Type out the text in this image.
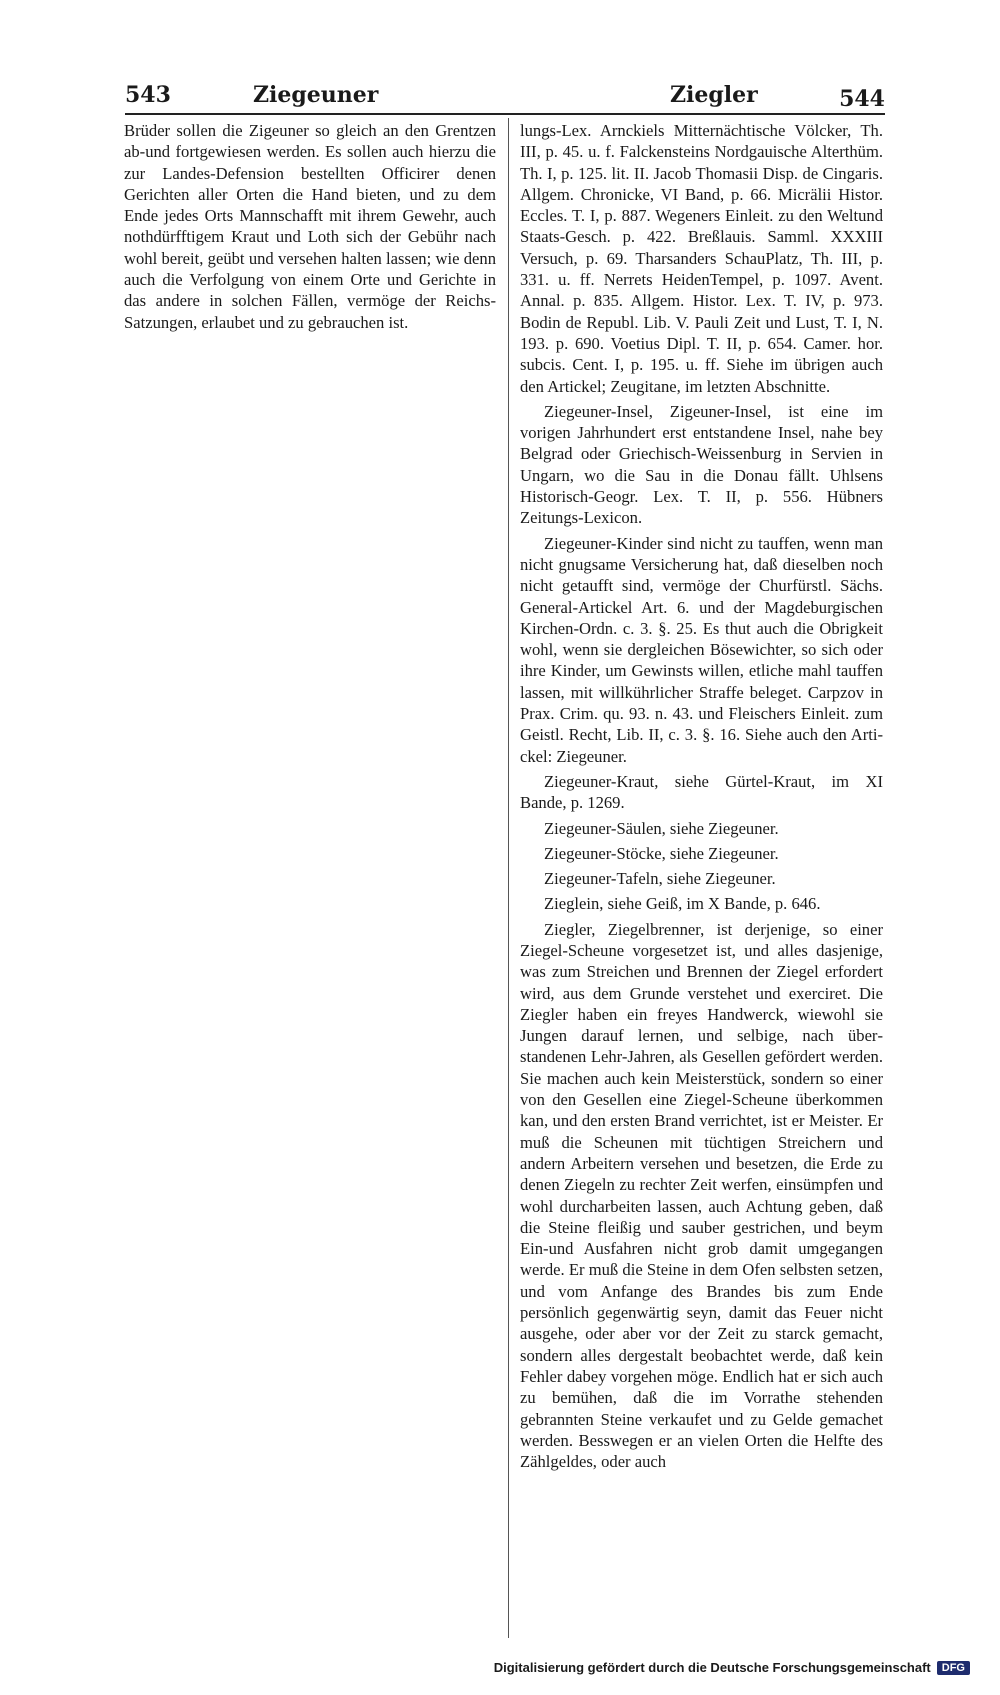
543	Ziegeuner	Ziegler	544

Brüder sollen die Zigeuner so gleich an den Grentzen ab-und fortgewiesen werden. Es sollen auch hierzu die zur Landes-Defension bestellten Officirer denen Gerichten aller Orten die Hand bieten, und zu dem Ende jedes Orts Mannschafft mit ihrem Gewehr, auch nothdürfftigem Kraut und Loth sich der Gebühr nach wohl bereit, geübt und versehen halten lassen; wie denn auch die Verfolgung von einem Orte und Gerichte in das andere in solchen Fällen, vermöge der Reichs-Satzungen, erlaubet und zu gebrauchen ist.

lungs-Lex. Arnckiels Mitternächtische Völcker, Th. III, p. 45. u. f. Falckensteins Nordgauische Alterthüm. Th. I, p. 125. lit. II. Jacob Thomasii Disp. de Cingaris. Allgem. Chronicke, VI Band, p. 66. Micrälii Histor. Eccles. T. I, p. 887. Wegeners Einleit. zu den Weltund Staats-Gesch. p. 422. Breßlauis. Samml. XXXIII Versuch, p. 69. Tharsanders SchauPlatz, Th. III, p. 331. u. ff. Nerrets HeidenTempel, p. 1097. Avent. Annal. p. 835. Allgem. Histor. Lex. T. IV, p. 973. Bodin de Republ. Lib. V. Pauli Zeit und Lust, T. I, N. 193. p. 690. Voetius Dipl. T. II, p. 654. Camer. hor. subcis. Cent. I, p. 195. u. ff. Siehe im übrigen auch den Artickel; Zeugitane, im letzten Abschnitte.

Ziegeuner-Insel, Zigeuner-Insel, ist eine im vorigen Jahrhundert erst entstandene Insel, nahe bey Belgrad oder Griechisch-Weissenburg in Servien in Ungarn, wo die Sau in die Donau fällt. Uhlsens Historisch-Geogr. Lex. T. II, p. 556. Hübners Zeitungs-Lexicon.

Ziegeuner-Kinder sind nicht zu tauffen, wenn man nicht gnugsame Versicherung hat, daß dieselben noch nicht getaufft sind, vermöge der Churfürstl. Sächs. General-Artickel Art. 6. und der Magdeburgischen Kirchen-Ordn. c. 3. §. 25. Es thut auch die Obrigkeit wohl, wenn sie dergleichen Bösewichter, so sich oder ihre Kinder, um Gewinsts willen, etliche mahl tauffen lassen, mit willkührlicher Straffe beleget. Carpzov in Prax. Crim. qu. 93. n. 43. und Fleischers Einleit. zum Geistl. Recht, Lib. II, c. 3. §. 16. Siehe auch den Artickel: Ziegeuner.

Ziegeuner-Kraut, siehe Gürtel-Kraut, im XI Bande, p. 1269.

Ziegeuner-Säulen, siehe Ziegeuner.

Ziegeuner-Stöcke, siehe Ziegeuner.

Ziegeuner-Tafeln, siehe Ziegeuner.

Zieglein, siehe Geiß, im X Bande, p. 646.

Ziegler, Ziegelbrenner, ist derjenige, so einer Ziegel-Scheune vorgesetzet ist, und alles dasjenige, was zum Streichen und Brennen der Ziegel erfordert wird, aus dem Grunde verstehet und exerciret. Die Ziegler haben ein freyes Handwerck, wiewohl sie Jungen darauf lernen, und selbige, nach überstandenen Lehr-Jahren, als Gesellen gefördert werden. Sie machen auch kein Meisterstück, sondern so einer von den Gesellen eine Ziegel-Scheune überkommen kan, und den ersten Brand verrichtet, ist er Meister. Er muß die Scheunen mit tüchtigen Streichern und andern Arbeitern versehen und besetzen, die Erde zu denen Ziegeln zu rechter Zeit werfen, einsümpfen und wohl durcharbeiten lassen, auch Achtung geben, daß die Steine fleißig und sauber gestrichen, und beym Ein-und Ausfahren nicht grob damit umgegangen werde. Er muß die Steine in dem Ofen selbsten setzen, und vom Anfange des Brandes bis zum Ende persönlich gegenwärtig seyn, damit das Feuer nicht ausgehe, oder aber vor der Zeit zu starck gemacht, sondern alles dergestalt beobachtet werde, daß kein Fehler dabey vorgehen möge. Endlich hat er sich auch zu bemühen, daß die im Vorrathe stehenden gebrannten Steine verkaufet und zu Gelde gemachet werden. Besswegen er an vielen Orten die Helfte des Zählgeldes, oder auch

Digitalisierung gefördert durch die Deutsche Forschungsgemeinschaft	DFG
